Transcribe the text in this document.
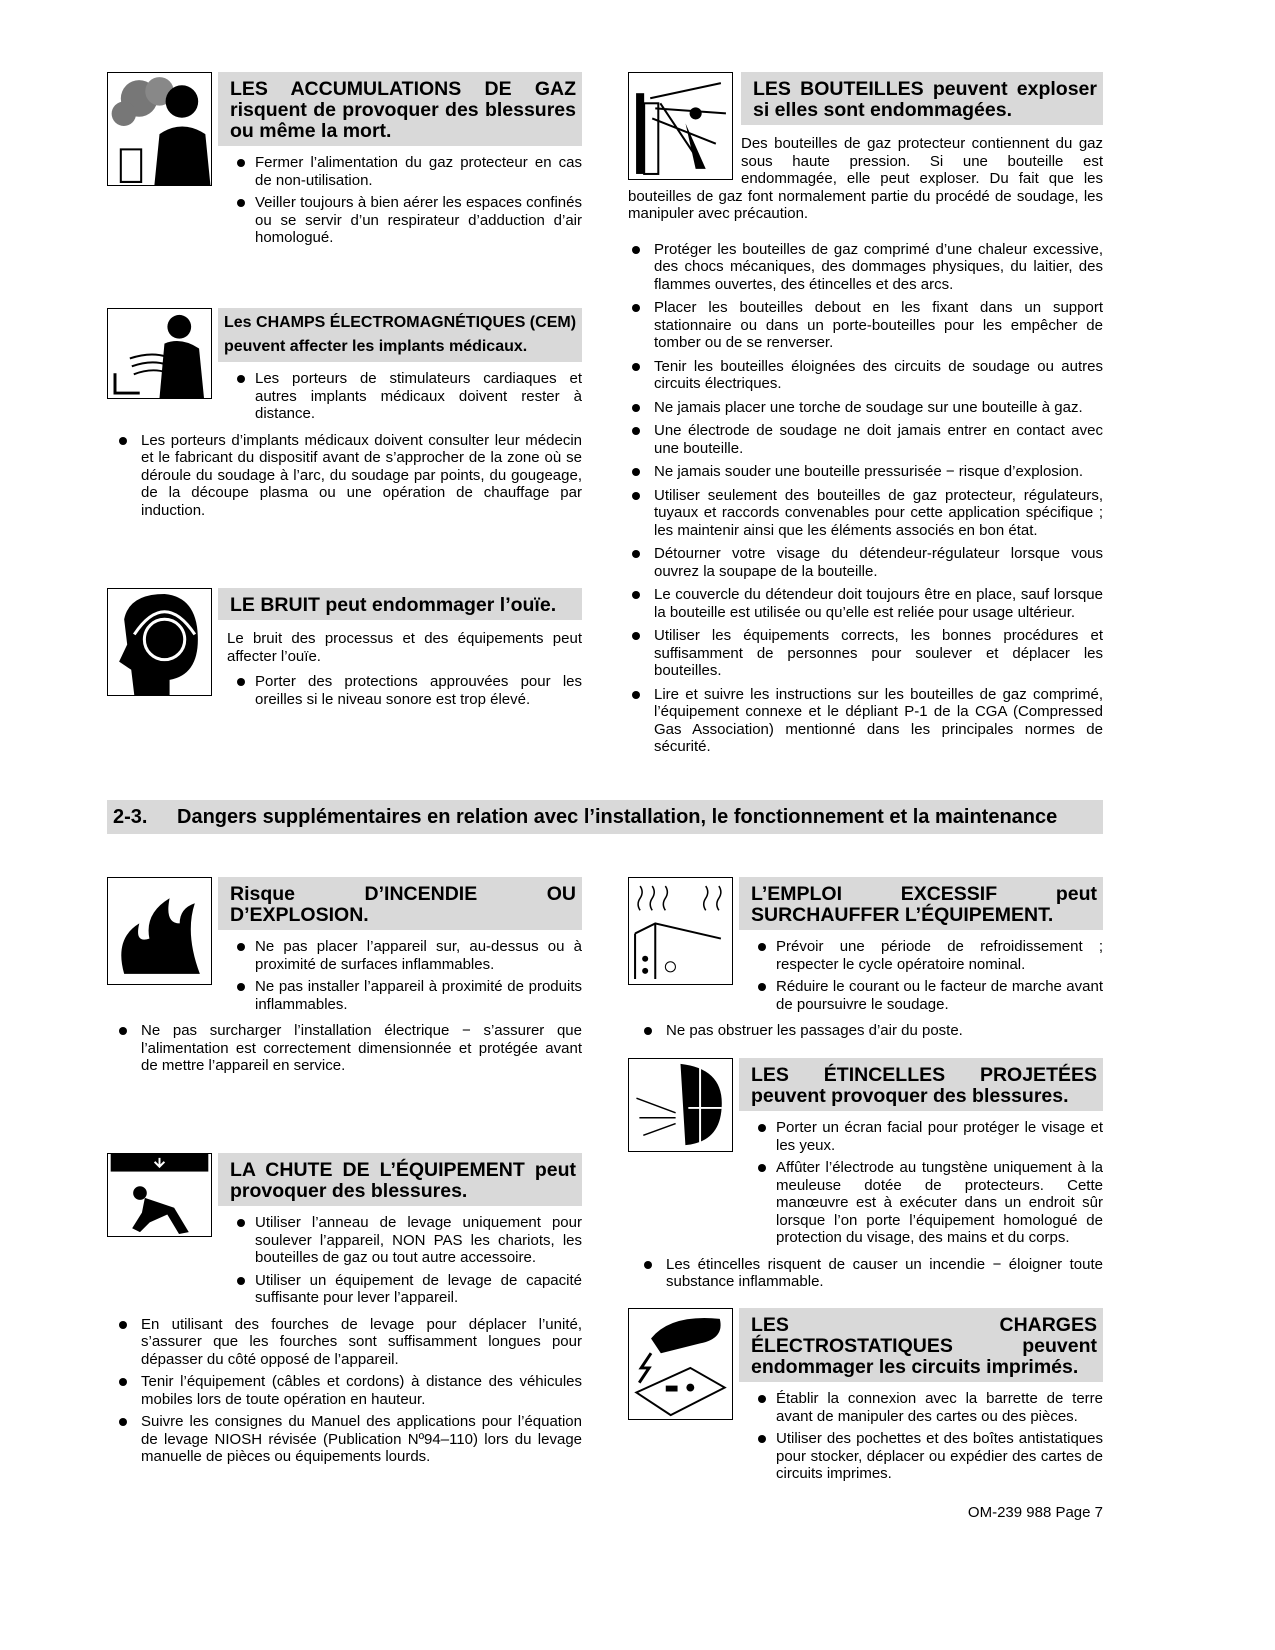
2-3. Dangers supplémentaires en relation avec l’installation, le fonctionnement et la maintenance
OM-239 988 Page 7
LES ACCUMULATIONS DE GAZ risquent de provoquer des blessures ou même la mort.
Fermer l’alimentation du gaz protecteur en cas de non-utilisation.
Veiller toujours à bien aérer les espaces confinés ou se servir d’un respirateur d’adduction d’air homologué.
Les CHAMPS ÉLECTROMAGNÉTIQUES (CEM) peuvent affecter les implants médicaux.
Les porteurs de stimulateurs cardiaques et autres implants médicaux doivent rester à distance.
Les porteurs d’implants médicaux doivent consulter leur médecin et le fabricant du dispositif avant de s’approcher de la zone où se déroule du soudage à l’arc, du soudage par points, du gougeage, de la découpe plasma ou une opération de chauffage par induction.
LE BRUIT peut endommager l’ouïe.

Le bruit des processus et des équipements peut affecter l’ouïe.

Porter des protections approuvées pour les oreilles si le niveau sonore est trop élevé.
LES BOUTEILLES peuvent exploser si elles sont endommagées.

Des bouteilles de gaz protecteur contiennent du gaz sous haute pression. Si une bouteille est endommagée, elle peut exploser. Du fait que les bouteilles de gaz font normalement partie du procédé de soudage, les manipuler avec précaution.

Protéger les bouteilles de gaz comprimé d’une chaleur excessive, des chocs mécaniques, des dommages physiques, du laitier, des flammes ouvertes, des étincelles et des arcs.
Placer les bouteilles debout en les fixant dans un support stationnaire ou dans un porte-bouteilles pour les empêcher de tomber ou de se renverser.
Tenir les bouteilles éloignées des circuits de soudage ou autres circuits électriques.
Ne jamais placer une torche de soudage sur une bouteille à gaz.
Une électrode de soudage ne doit jamais entrer en contact avec une bouteille.
Ne jamais souder une bouteille pressurisée − risque d’explosion.
Utiliser seulement des bouteilles de gaz protecteur, régulateurs, tuyaux et raccords convenables pour cette application spécifique ; les maintenir ainsi que les éléments associés en bon état.
Détourner votre visage du détendeur-régulateur lorsque vous ouvrez la soupape de la bouteille.
Le couvercle du détendeur doit toujours être en place, sauf lorsque la bouteille est utilisée ou qu’elle est reliée pour usage ultérieur.
Utiliser les équipements corrects, les bonnes procédures et suffisamment de personnes pour soulever et déplacer les bouteilles.
Lire et suivre les instructions sur les bouteilles de gaz comprimé, l’équipement connexe et le dépliant P-1 de la CGA (Compressed Gas Association) mentionné dans les principales normes de sécurité.
Risque D’INCENDIE OU D’EXPLOSION.
Ne pas placer l’appareil sur, au-dessus ou à proximité de surfaces inflammables.
Ne pas installer l’appareil à proximité de produits inflammables.
Ne pas surcharger l’installation électrique − s’assurer que l’alimentation est correctement dimensionnée et protégée avant de mettre l’appareil en service.
LA CHUTE DE L’ÉQUIPEMENT peut provoquer des blessures.
Utiliser l’anneau de levage uniquement pour soulever l’appareil, NON PAS les chariots, les bouteilles de gaz ou tout autre accessoire.
Utiliser un équipement de levage de capacité suffisante pour lever l’appareil.
En utilisant des fourches de levage pour déplacer l’unité, s’assurer que les fourches sont suffisamment longues pour dépasser du côté opposé de l’appareil.
Tenir l’équipement (câbles et cordons) à distance des véhicules mobiles lors de toute opération en hauteur.
Suivre les consignes du Manuel des applications pour l’équation de levage NIOSH révisée (Publication Nº94–110) lors du levage manuelle de pièces ou équipements lourds.
L’EMPLOI EXCESSIF peut SURCHAUFFER L’ÉQUIPEMENT.
Prévoir une période de refroidissement ; respecter le cycle opératoire nominal.
Réduire le courant ou le facteur de marche avant de poursuivre le soudage.
Ne pas obstruer les passages d’air du poste.
LES ÉTINCELLES PROJETÉES peuvent provoquer des blessures.
Porter un écran facial pour protéger le visage et les yeux.
Affûter l’électrode au tungstène uniquement à la meuleuse dotée de protecteurs. Cette manœuvre est à exécuter dans un endroit sûr lorsque l’on porte l’équipement homologué de protection du visage, des mains et du corps.
Les étincelles risquent de causer un incendie − éloigner toute substance inflammable.
LES CHARGES ÉLECTROSTATIQUES peuvent endommager les circuits imprimés.
Établir la connexion avec la barrette de terre avant de manipuler des cartes ou des pièces.
Utiliser des pochettes et des boîtes antistatiques pour stocker, déplacer ou expédier des cartes de circuits imprimes.
